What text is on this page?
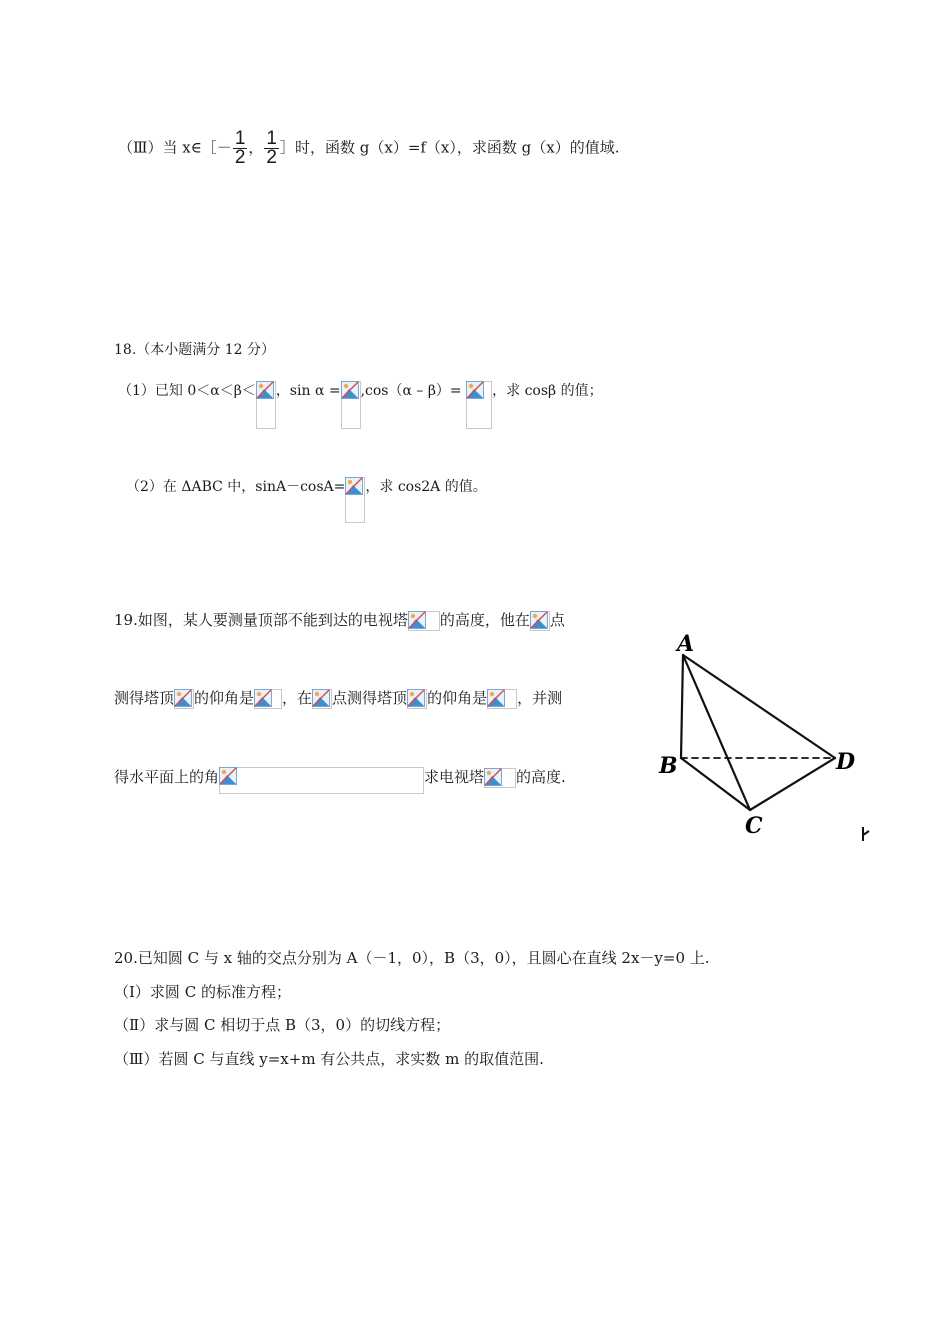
（Ⅲ）当 x∈［－ $\frac{1}{2}$ ， $\frac{1}{2}$ ］时，函数 g（x）=f（x），求函数 g（x）的值域.
18.（本小题满分 12 分）
（1）已知 0＜α＜β＜ ，sin α = ,cos（α – β）= ，求 cosβ 的值；
（2）在 ΔABC 中，sinA－cosA= ，求 cos2A 的值。
19.如图，某人要测量顶部不能到达的电视塔 的高度，他在 点
测得塔顶 的仰角是 ，在 点测得塔顶 的仰角是 ，并测
得水平面上的角	求电视塔 的高度.
A
B
C
D
20.已知圆 C 与 x 轴的交点分别为 A（－1，0），B（3，0），且圆心在直线 2x－y=0 上.
（Ⅰ）求圆 C 的标准方程；
（Ⅱ）求与圆 C 相切于点 B（3，0）的切线方程；
（Ⅲ）若圆 C 与直线 y=x+m 有公共点，求实数 m 的取值范围.
